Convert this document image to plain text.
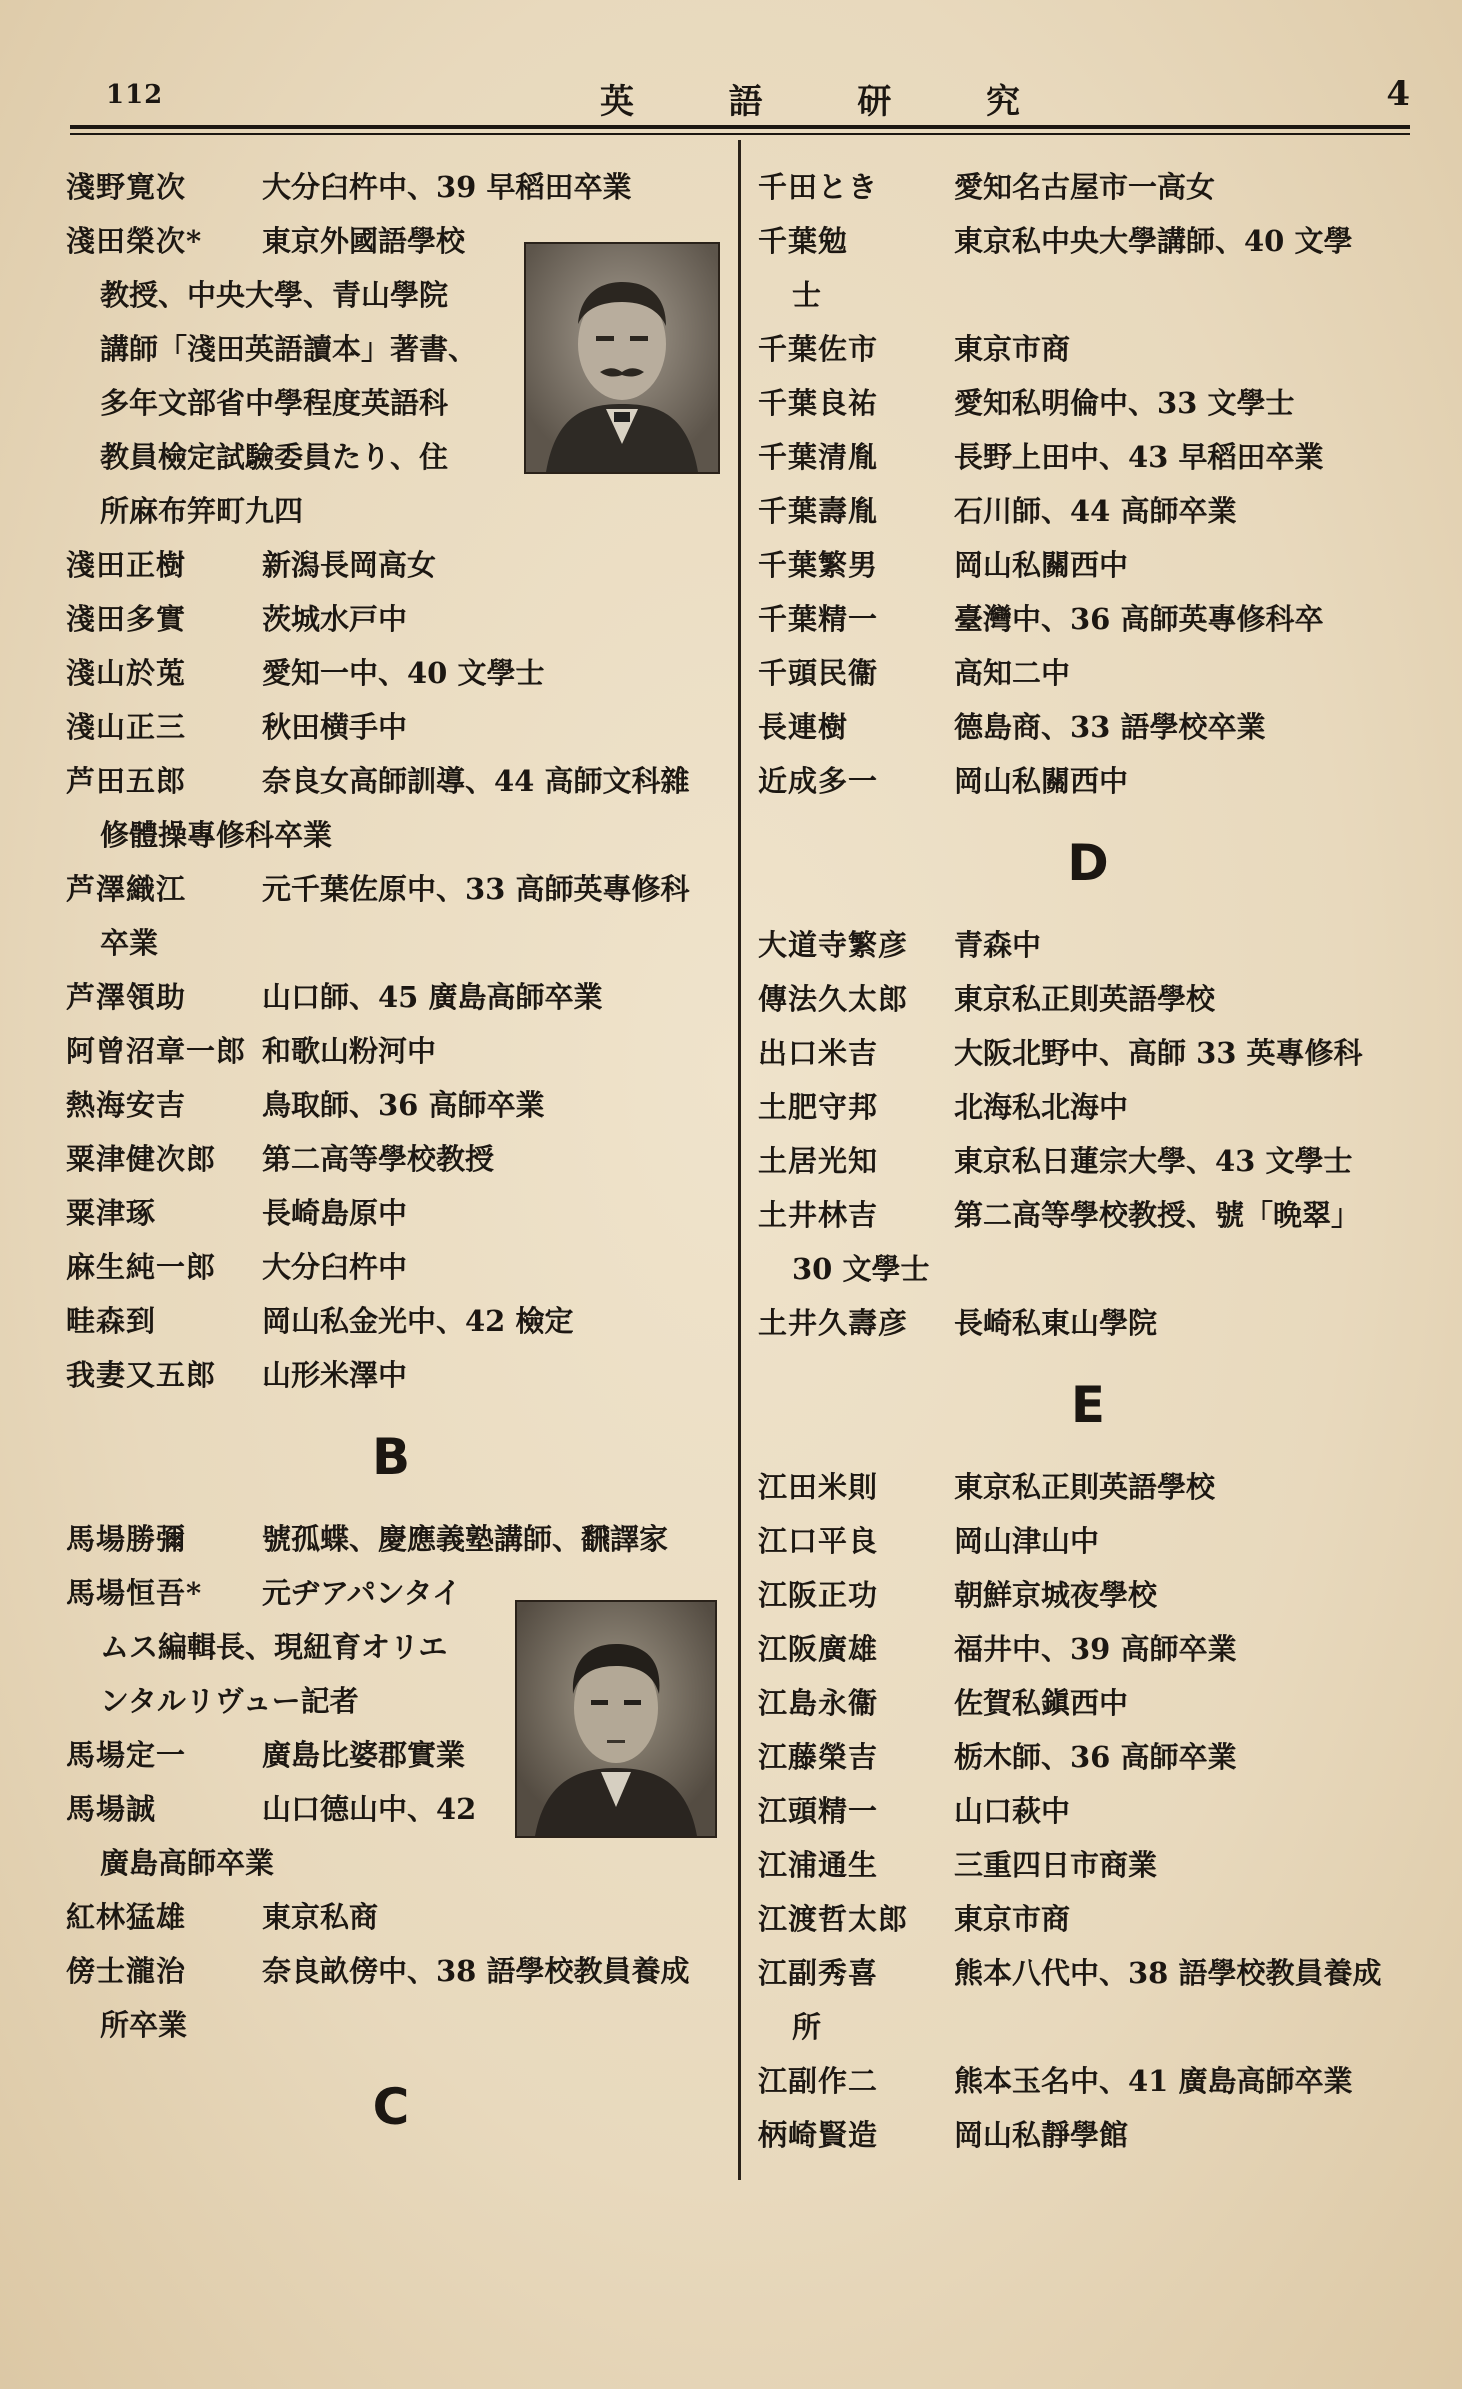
112	英	語	研	究	4
淺野寛次	大分臼杵中、39 早稻田卒業
淺田榮次*	東京外國語學校
教授、中央大學、青山學院
講師「淺田英語讀本」著書、
多年文部省中學程度英語科
教員檢定試驗委員たり、住
所麻布笄町九四
淺田正樹	新潟長岡高女
淺田多實	茨城水戸中
淺山於莵	愛知一中、40 文學士
淺山正三	秋田横手中
芦田五郎	奈良女高師訓導、44 高師文科雜
修體操專修科卒業
芦澤織江	元千葉佐原中、33 高師英專修科
卒業
芦澤領助	山口師、45 廣島高師卒業
阿曾沼章一郎 和歌山粉河中
熱海安吉	鳥取師、36 高師卒業
粟津健次郎	第二高等學校教授
粟津琢	長崎島原中
麻生純一郎	大分臼杵中
畦森到	岡山私金光中、42 檢定
我妻又五郎	山形米澤中
B
馬場勝彌	號孤蝶、慶應義塾講師、飜譯家
馬場恒吾*	元ヂアパンタイ
ムス編輯長、現紐育オリエ
ンタルリヴュー記者
馬場定一	廣島比婆郡實業
馬場誠	山口德山中、42
廣島高師卒業
紅林猛雄	東京私商
傍士瀧治	奈良畝傍中、38 語學校教員養成
所卒業
C
千田とき	愛知名古屋市一高女
千葉勉	東京私中央大學講師、40 文學
士
千葉佐市	東京市商
千葉良祐	愛知私明倫中、33 文學士
千葉清胤	長野上田中、43 早稻田卒業
千葉壽胤	石川師、44 高師卒業
千葉繁男	岡山私關西中
千葉精一	臺灣中、36 高師英專修科卒
千頭民衞	高知二中
長連樹	德島商、33 語學校卒業
近成多一	岡山私關西中
D
大道寺繁彦	青森中
傳法久太郎	東京私正則英語學校
出口米吉	大阪北野中、高師 33 英專修科
土肥守邦	北海私北海中
土居光知	東京私日蓮宗大學、43 文學士
土井林吉	第二高等學校教授、號「晩翠」
30 文學士
土井久壽彦	長崎私東山學院
E
江田米則	東京私正則英語學校
江口平良	岡山津山中
江阪正功	朝鮮京城夜學校
江阪廣雄	福井中、39 高師卒業
江島永衞	佐賀私鎭西中
江藤榮吉	栃木師、36 高師卒業
江頭精一	山口萩中
江浦通生	三重四日市商業
江渡哲太郎	東京市商
江副秀喜	熊本八代中、38 語學校教員養成
所
江副作二	熊本玉名中、41 廣島高師卒業
柄崎賢造	岡山私靜學館
